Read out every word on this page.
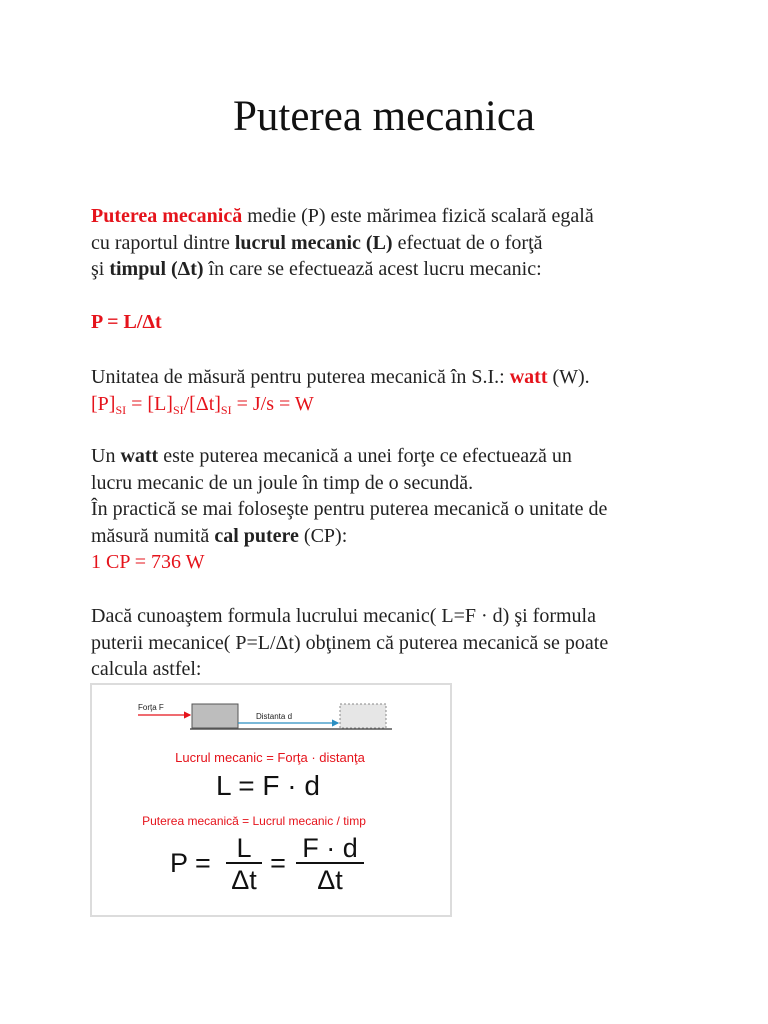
Puterea mecanica
Puterea mecanică medie (P) este mărimea fizică scalară egală
cu raportul dintre lucrul mecanic (L) efectuat de o forţă
şi timpul (Δt) în care se efectuează acest lucru mecanic:
P = L/Δt
Unitatea de măsură pentru puterea mecanică în S.I.: watt (W).
$[P]_{SI} = [L]_{SI}/[\Delta t]_{SI} = J/s = W$
Un watt este puterea mecanică a unei forţe ce efectuează un
lucru mecanic de un joule în timp de o secundă.
În practică se mai foloseşte pentru puterea mecanică o unitate de
măsură numită cal putere (CP):
1 CP = 736 W
Dacă cunoaştem formula lucrului mecanic( L=F · d) şi formula
puterii mecanice( P=L/Δt) obţinem că puterea mecanică se poate
calcula astfel:
Forţa F
Distanta d
Lucrul mecanic = Forţa · distanţa
L = F · d
Puterea mecanică = Lucrul mecanic / timp
P = L
Δt
= F · d
Δt
